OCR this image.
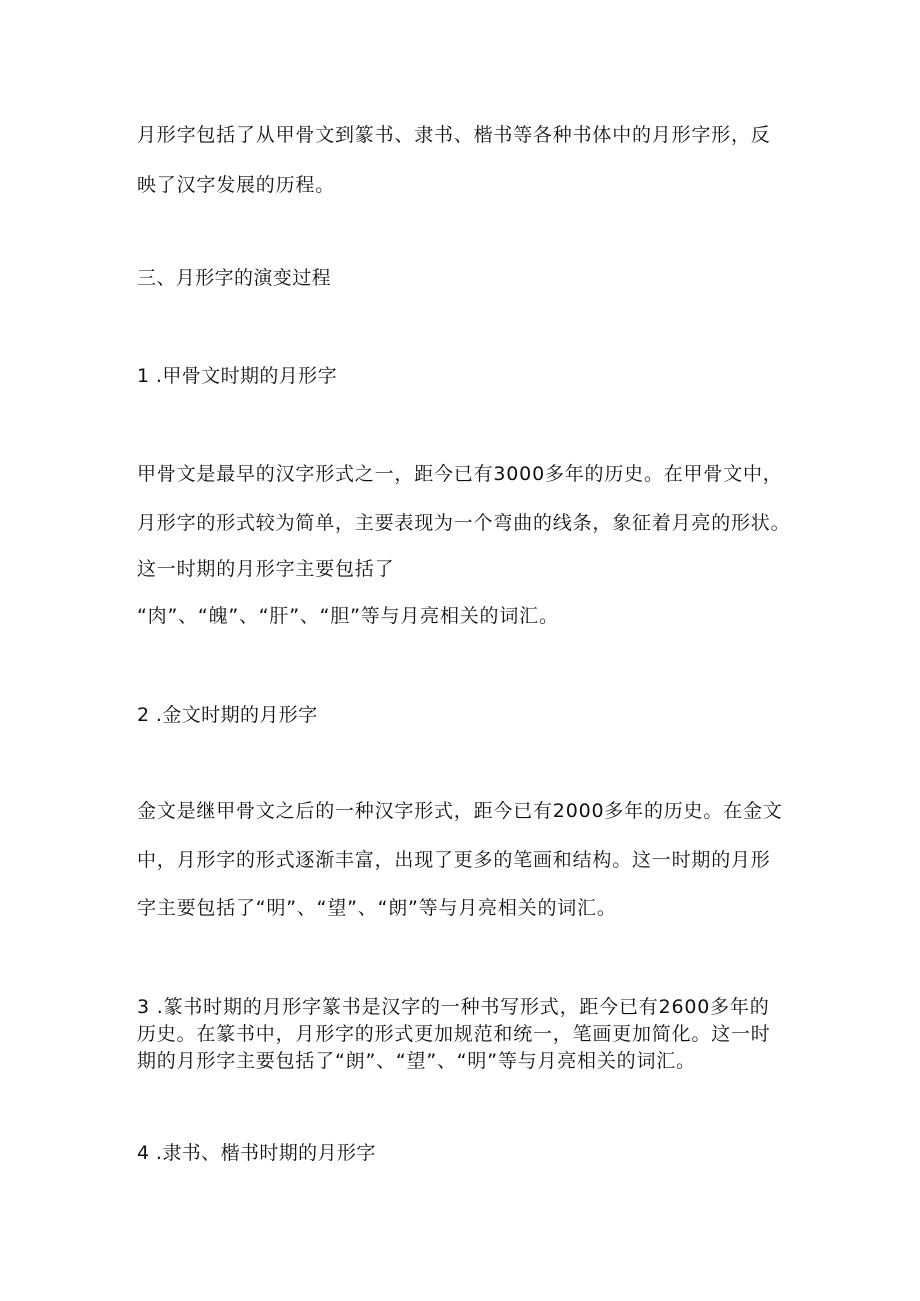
月形字包括了从甲骨文到篆书、隶书、楷书等各种书体中的月形字形，反

映了汉字发展的历程。

三、月形字的演变过程

1 .甲骨文时期的月形字

甲骨文是最早的汉字形式之一，距今已有3000多年的历史。在甲骨文中，

月形字的形式较为简单，主要表现为一个弯曲的线条，象征着月亮的形状。

这一时期的月形字主要包括了

“肉”、“魄”、“肝”、“胆”等与月亮相关的词汇。

2 .金文时期的月形字

金文是继甲骨文之后的一种汉字形式，距今已有2000多年的历史。在金文

中，月形字的形式逐渐丰富，出现了更多的笔画和结构。这一时期的月形

字主要包括了“明”、“望”、“朗”等与月亮相关的词汇。

3 .篆书时期的月形字篆书是汉字的一种书写形式，距今已有2600多年的

历史。在篆书中，月形字的形式更加规范和统一，笔画更加简化。这一时

期的月形字主要包括了“朗”、“望”、“明”等与月亮相关的词汇。

4 .隶书、楷书时期的月形字
